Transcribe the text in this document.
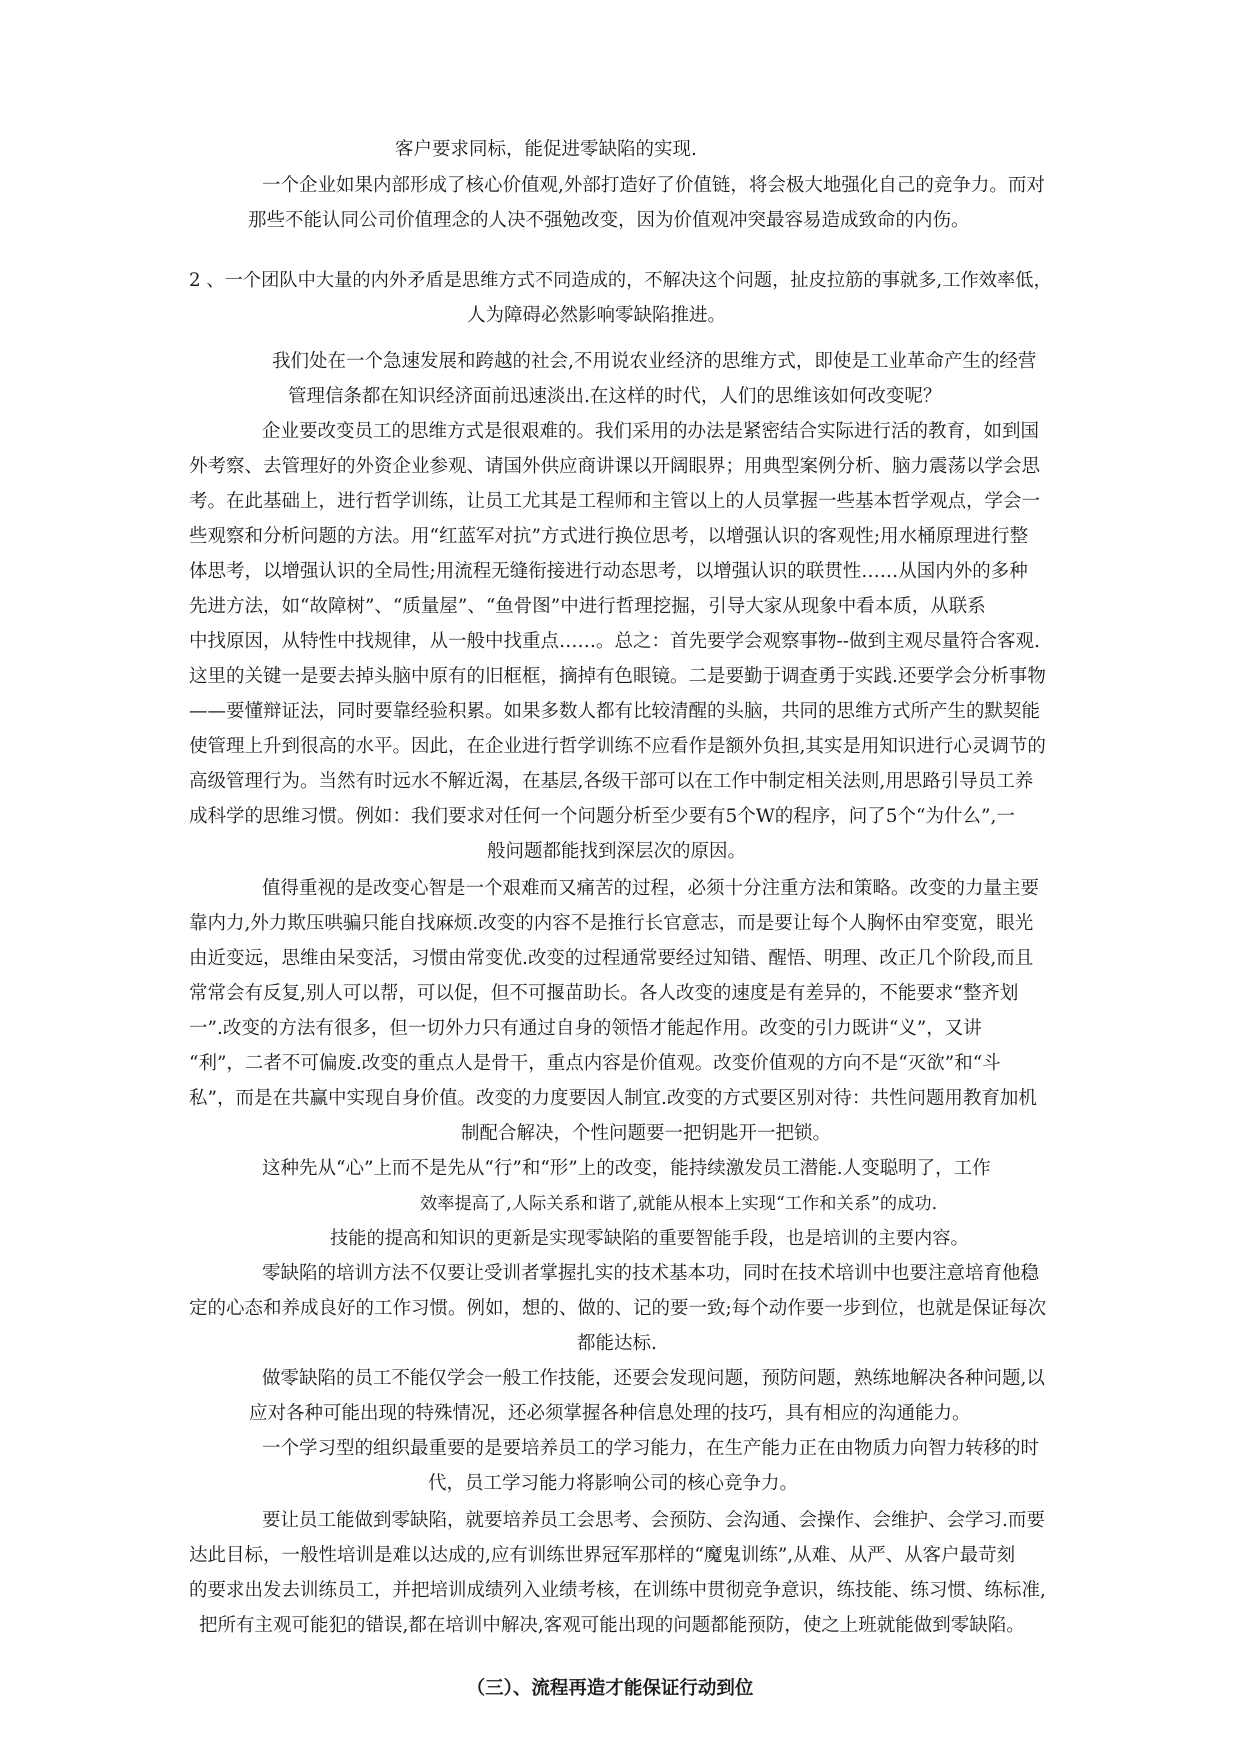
客户要求同标，能促进零缺陷的实现.
一个企业如果内部形成了核心价值观,外部打造好了价值链，将会极大地强化自己的竞争力。而对
那些不能认同公司价值理念的人决不强勉改变，因为价值观冲突最容易造成致命的内伤。
2 、一个团队中大量的内外矛盾是思维方式不同造成的，不解决这个问题，扯皮拉筋的事就多,工作效率低，
人为障碍必然影响零缺陷推进。
我们处在一个急速发展和跨越的社会,不用说农业经济的思维方式，即使是工业革命产生的经营
管理信条都在知识经济面前迅速淡出.在这样的时代，人们的思维该如何改变呢？
企业要改变员工的思维方式是很艰难的。我们采用的办法是紧密结合实际进行活的教育，如到国
外考察、去管理好的外资企业参观、请国外供应商讲课以开阔眼界；用典型案例分析、脑力震荡以学会思
考。在此基础上，进行哲学训练，让员工尤其是工程师和主管以上的人员掌握一些基本哲学观点，学会一
些观察和分析问题的方法。用“红蓝军对抗”方式进行换位思考，以增强认识的客观性;用水桶原理进行整
体思考，以增强认识的全局性;用流程无缝衔接进行动态思考，以增强认识的联贯性……从国内外的多种
先进方法，如“故障树”、“质量屋”、“鱼骨图”中进行哲理挖掘，引导大家从现象中看本质，从联系
中找原因，从特性中找规律，从一般中找重点……。总之：首先要学会观察事物--做到主观尽量符合客观.
这里的关键一是要去掉头脑中原有的旧框框，摘掉有色眼镜。二是要勤于调查勇于实践.还要学会分析事物
——要懂辩证法，同时要靠经验积累。如果多数人都有比较清醒的头脑，共同的思维方式所产生的默契能
使管理上升到很高的水平。因此，在企业进行哲学训练不应看作是额外负担,其实是用知识进行心灵调节的
高级管理行为。当然有时远水不解近渴，在基层,各级干部可以在工作中制定相关法则,用思路引导员工养
成科学的思维习惯。例如：我们要求对任何一个问题分析至少要有5个W的程序，问了5个“为什么”,一
般问题都能找到深层次的原因。
值得重视的是改变心智是一个艰难而又痛苦的过程，必须十分注重方法和策略。改变的力量主要
靠内力,外力欺压哄骗只能自找麻烦.改变的内容不是推行长官意志，而是要让每个人胸怀由窄变宽，眼光
由近变远，思维由呆变活，习惯由常变优.改变的过程通常要经过知错、醒悟、明理、改正几个阶段,而且
常常会有反复,别人可以帮，可以促，但不可揠苗助长。各人改变的速度是有差异的，不能要求“整齐划
一”.改变的方法有很多，但一切外力只有通过自身的领悟才能起作用。改变的引力既讲“义”，又讲
“利”，二者不可偏废.改变的重点人是骨干，重点内容是价值观。改变价值观的方向不是“灭欲”和“斗
私”，而是在共赢中实现自身价值。改变的力度要因人制宜.改变的方式要区别对待：共性问题用教育加机
制配合解决，个性问题要一把钥匙开一把锁。
这种先从“心”上而不是先从“行”和“形”上的改变，能持续激发员工潜能.人变聪明了，工作
效率提高了,人际关系和谐了,就能从根本上实现“工作和关系”的成功.
技能的提高和知识的更新是实现零缺陷的重要智能手段，也是培训的主要内容。
零缺陷的培训方法不仅要让受训者掌握扎实的技术基本功，同时在技术培训中也要注意培育他稳
定的心态和养成良好的工作习惯。例如，想的、做的、记的要一致;每个动作要一步到位，也就是保证每次
都能达标.
做零缺陷的员工不能仅学会一般工作技能，还要会发现问题，预防问题，熟练地解决各种问题,以
应对各种可能出现的特殊情况，还必须掌握各种信息处理的技巧，具有相应的沟通能力。
一个学习型的组织最重要的是要培养员工的学习能力，在生产能力正在由物质力向智力转移的时
代，员工学习能力将影响公司的核心竞争力。
要让员工能做到零缺陷，就要培养员工会思考、会预防、会沟通、会操作、会维护、会学习.而要
达此目标，一般性培训是难以达成的,应有训练世界冠军那样的“魔鬼训练”,从难、从严、从客户最苛刻
的要求出发去训练员工，并把培训成绩列入业绩考核，在训练中贯彻竞争意识，练技能、练习惯、练标准,
把所有主观可能犯的错误,都在培训中解决,客观可能出现的问题都能预防，使之上班就能做到零缺陷。
（三）、流程再造才能保证行动到位
